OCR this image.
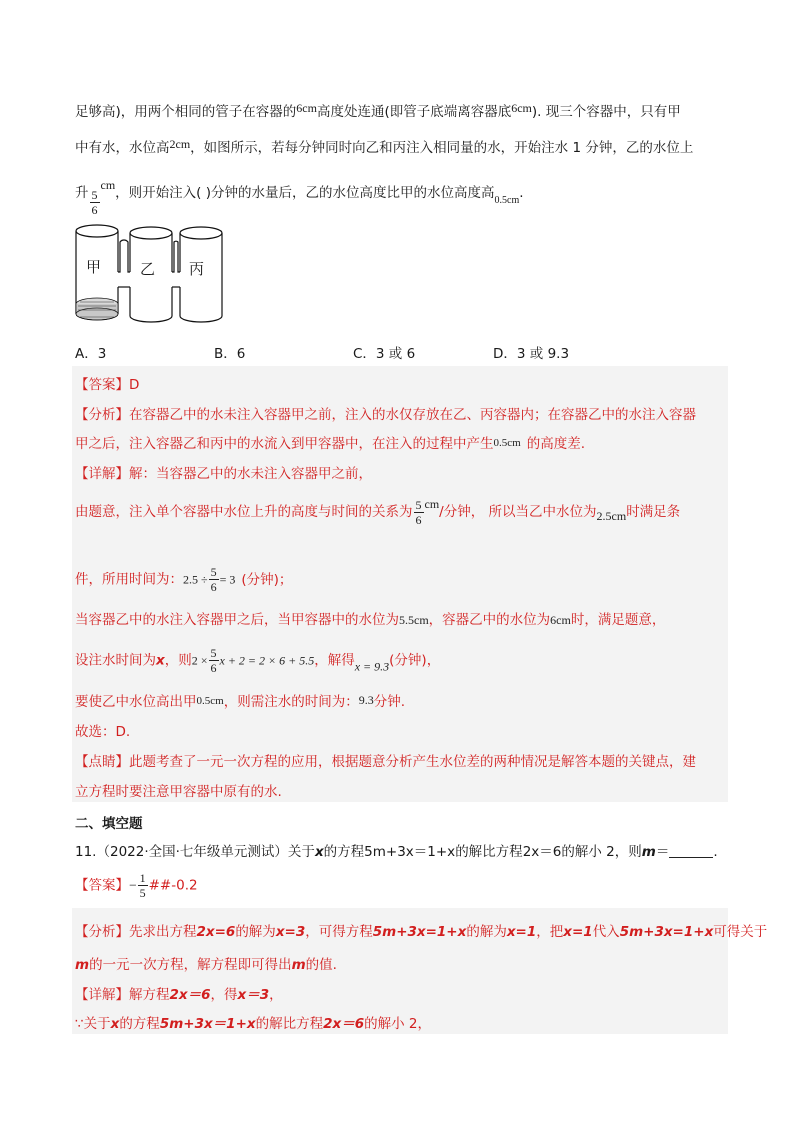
足够高)，用两个相同的管子在容器的6cm高度处连通(即管子底端离容器底6cm). 现三个容器中，只有甲
中有水，水位高2cm，如图所示，若每分钟同时向乙和丙注入相同量的水，开始注水 1 分钟，乙的水位上
升 $\frac{5}{6}$
cm，则开始注入( )分钟的水量后，乙的水位高度比甲的水位高度高$_{0.5cm}$.
甲	乙 丙
A．3	B．6	C．3 或 6	D．3 或 9.3
【答案】D
【分析】在容器乙中的水未注入容器甲之前，注入的水仅存放在乙、丙容器内；在容器乙中的水注入容器
甲之后，注入容器乙和丙中的水流入到甲容器中，在注入的过程中产生0.5cm 的高度差.
【详解】解：当容器乙中的水未注入容器甲之前，
由题意，注入单个容器中水位上升的高度与时间的关系为 $\frac{5}{6} cm/$分钟， 所以当乙中水位为2.5cm时满足条
件，所用时间为：$2.5 \div \frac{5}{6} = 3$ (分钟)；
当容器乙中的水注入容器甲之后，当甲容器中的水位为5.5cm，容器乙中的水位为6cm时，满足题意，
设注水时间为x，则$2 \times \frac{5}{6}$ x + 2 = 2 × 6 + 5.5，解得x = 9.3(分钟)，
要使乙中水位高出甲0.5cm，则需注水的时间为：9.3分钟.
故选：D.
【点睛】此题考查了一元一次方程的应用，根据题意分析产生水位差的两种情况是解答本题的关键点，建
立方程时要注意甲容器中原有的水.
二、填空题
11.（2022·全国·七年级单元测试）关于x的方程5m+3x＝1+x的解比方程2x＝6的解小 2，则m＝	.
【答案】− $\frac{1}{5}$ ##-0.2
【分析】先求出方程2x=6的解为x=3，可得方程5m+3x=1+x的解为x=1，把x=1代入5m+3x=1+x可得关于
m的一元一次方程，解方程即可得出m的值.
【详解】解方程2x＝6，得x＝3，
∵关于x的方程5m+3x＝1+x的解比方程2x＝6的解小 2，
